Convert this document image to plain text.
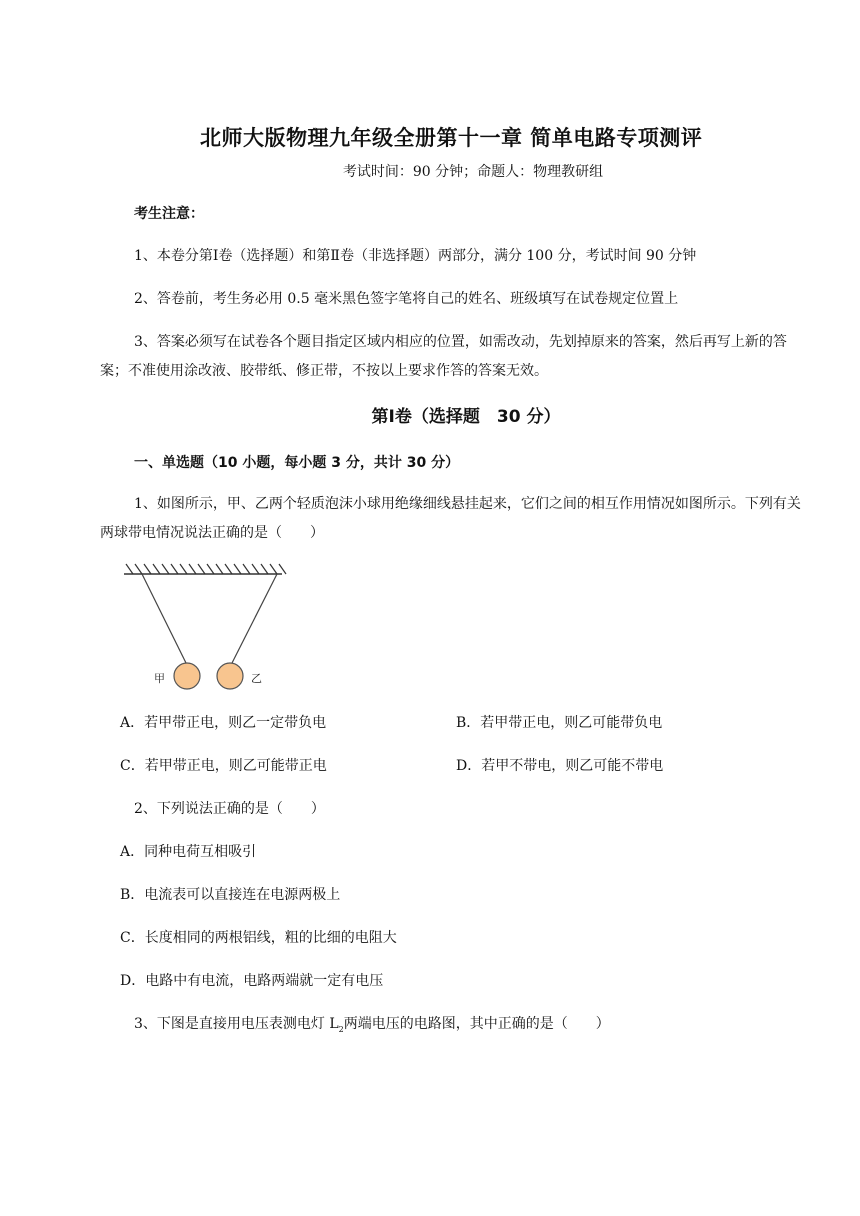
北师大版物理九年级全册第十一章 简单电路专项测评
考试时间：90 分钟；命题人：物理教研组
考生注意：
1、本卷分第Ⅰ卷（选择题）和第Ⅱ卷（非选择题）两部分，满分 100 分，考试时间 90 分钟
2、答卷前，考生务必用 0.5 毫米黑色签字笔将自己的姓名、班级填写在试卷规定位置上
3、答案必须写在试卷各个题目指定区域内相应的位置，如需改动，先划掉原来的答案，然后再写上新的答案；不准使用涂改液、胶带纸、修正带，不按以上要求作答的答案无效。
第Ⅰ卷（选择题　30 分）
一、单选题（10 小题，每小题 3 分，共计 30 分）
1、如图所示，甲、乙两个轻质泡沫小球用绝缘细线悬挂起来，它们之间的相互作用情况如图所示。下列有关两球带电情况说法正确的是（　　）
甲	乙
A．若甲带正电，则乙一定带负电	B．若甲带正电，则乙可能带负电
C．若甲带正电，则乙可能带正电	D．若甲不带电，则乙可能不带电
2、下列说法正确的是（　　）
A．同种电荷互相吸引
B．电流表可以直接连在电源两极上
C．长度相同的两根铝线，粗的比细的电阻大
D．电路中有电流，电路两端就一定有电压
3、下图是直接用电压表测电灯 $L_2$两端电压的电路图，其中正确的是（　　）
